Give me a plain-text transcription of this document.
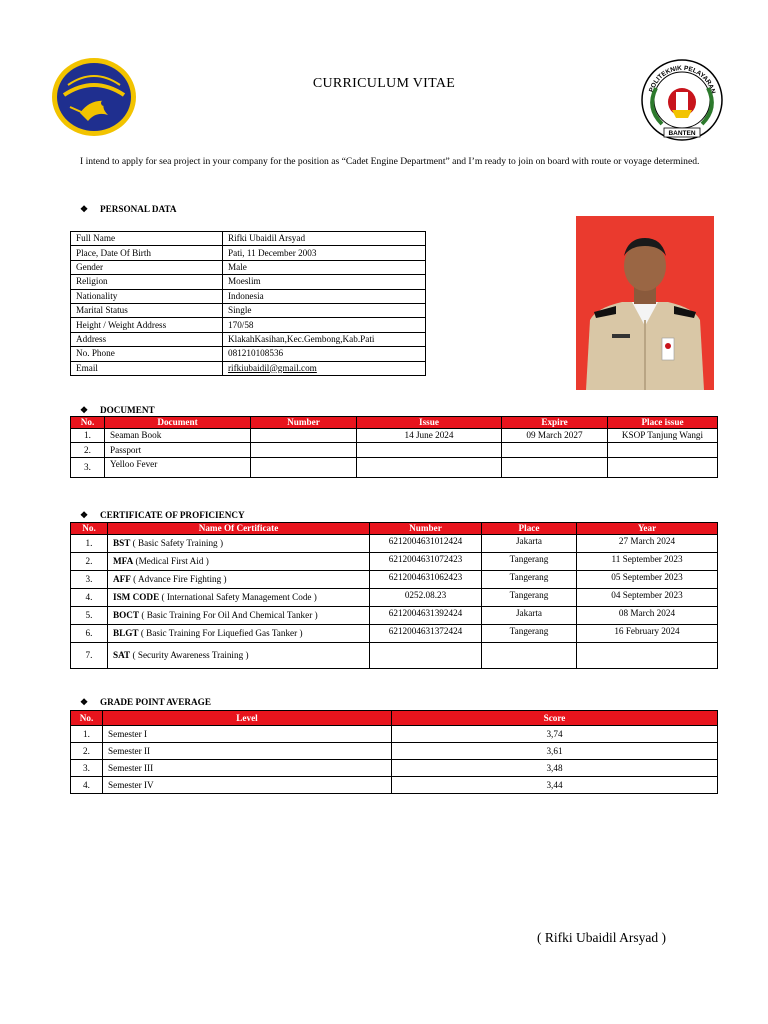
CURRICULUM VITAE	POLITEKNIK PELAYARAN
BANTEN
I intend to apply for sea project in your company for the position as “Cadet Engine Department” and I’m ready to join on board with route or voyage determined.
❖ PERSONAL DATA
Full Name	Rifki Ubaidil Arsyad
Place, Date Of Birth	Pati, 11 December 2003
Gender	Male
Religion	Moeslim
Nationality	Indonesia
Marital Status	Single
Height / Weight Address	170/58
Address	KlakahKasihan,Kec.Gembong,Kab.Pati
No. Phone	081210108536
Email	rifkiubaidil@gmail.com
❖ DOCUMENT
No.	Document	Number	Issue	Expire	Place issue
1.	Seaman Book		14 June 2024	09 March 2027	KSOP Tanjung Wangi
2.	Passport				
3.	Yelloo Fever				
❖ CERTIFICATE OF PROFICIENCY
No.	Name Of Certificate	Number	Place	Year
1.	BST ( Basic Safety Training )	6212004631012424	Jakarta	27 March 2024
2.	MFA (Medical First Aid )	6212004631072423	Tangerang	11 September 2023
3.	AFF ( Advance Fire Fighting )	6212004631062423	Tangerang	05 September 2023
4.	ISM CODE ( International Safety Management Code )	0252.08.23	Tangerang	04 September 2023
5.	BOCT ( Basic Training For Oil And Chemical Tanker )	6212004631392424	Jakarta	08 March 2024
6.	BLGT ( Basic Training For Liquefied Gas Tanker )	6212004631372424	Tangerang	16 February 2024
7.	SAT ( Security Awareness Training )			
❖ GRADE POINT AVERAGE
No.	Level	Score
1.	Semester I	3,74
2.	Semester II	3,61
3.	Semester III	3,48
4.	Semester IV	3,44
( Rifki Ubaidil Arsyad )
